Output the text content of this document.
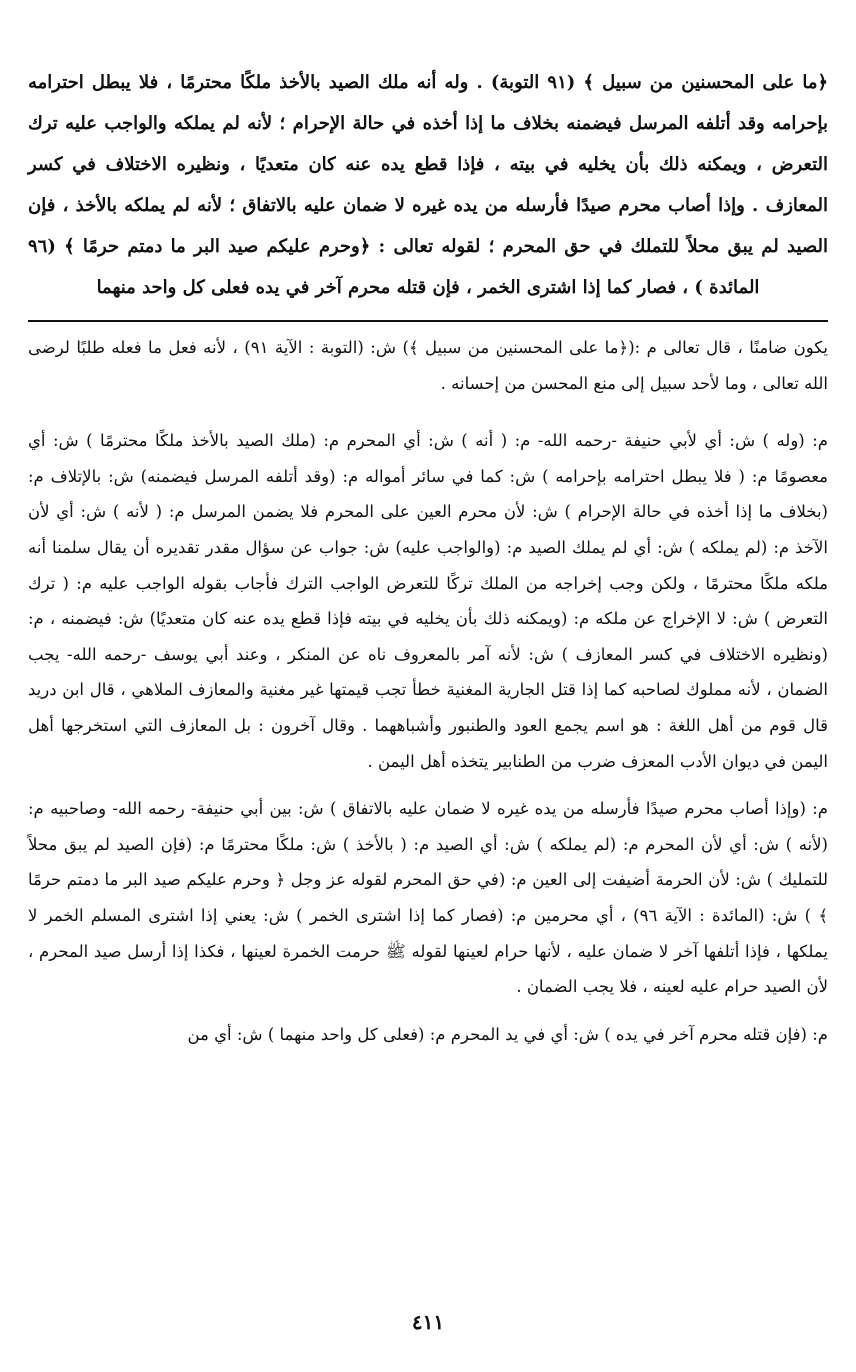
﴿ما على المحسنين من سبيل ﴾ (٩١ التوبة) . وله أنه ملك الصيد بالأخذ ملكًا محترمًا ، فلا يبطل احترامه بإحرامه وقد أتلفه المرسل فيضمنه بخلاف ما إذا أخذه في حالة الإحرام ؛ لأنه لم يملكه والواجب عليه ترك التعرض ، ويمكنه ذلك بأن يخليه في بيته ، فإذا قطع يده عنه كان متعديًا ، ونظيره الاختلاف في كسر المعازف . وإذا أصاب محرم صيدًا فأرسله من يده غيره لا ضمان عليه بالاتفاق ؛ لأنه لم يملكه بالأخذ ، فإن الصيد لم يبق محلاً للتملك في حق المحرم ؛ لقوله تعالى : ﴿وحرم عليكم صيد البر ما دمتم حرمًا ﴾ (٩٦ المائدة ) ، فصار كما إذا اشترى الخمر ، فإن قتله محرم آخر في يده فعلى كل واحد منهما

يكون ضامنًا ، قال تعالى م :(﴿ما على المحسنين من سبيل ﴾) ش: (التوبة : الآية ٩١) ، لأنه فعل ما فعله طلبًا لرضى الله تعالى ، وما لأحد سبيل إلى منع المحسن من إحسانه .

م: (وله ) ش: أي لأبي حنيفة -رحمه الله- م: ( أنه ) ش: أي المحرم م: (ملك الصيد بالأخذ ملكًا محترمًا ) ش: أي معصومًا م: ( فلا يبطل احترامه بإحرامه ) ش: كما في سائر أمواله م: (وقد أتلفه المرسل فيضمنه) ش: بالإتلاف م: (بخلاف ما إذا أخذه في حالة الإحرام ) ش: لأن محرم العين على المحرم فلا يضمن المرسل م: ( لأنه ) ش: أي لأن الآخذ م: (لم يملكه ) ش: أي لم يملك الصيد م: (والواجب عليه) ش: جواب عن سؤال مقدر تقديره أن يقال سلمنا أنه ملكه ملكًا محترمًا ، ولكن وجب إخراجه من الملك تركًا للتعرض الواجب الترك فأجاب بقوله الواجب عليه م: ( ترك التعرض ) ش: لا الإخراج عن ملكه م: (ويمكنه ذلك بأن يخليه في بيته فإذا قطع يده عنه كان متعديًا) ش: فيضمنه ، م: (ونظيره الاختلاف في كسر المعازف ) ش: لأنه آمر بالمعروف ناه عن المنكر ، وعند أبي يوسف -رحمه الله- يجب الضمان ، لأنه مملوك لصاحبه كما إذا قتل الجارية المغنية خطأ تجب قيمتها غير مغنية والمعازف الملاهي ، قال ابن دريد قال قوم من أهل اللغة : هو اسم يجمع العود والطنبور وأشباههما . وقال آخرون : بل المعازف التي استخرجها أهل اليمن في ديوان الأدب المعزف ضرب من الطنابير يتخذه أهل اليمن .

م: (وإذا أصاب محرم صيدًا فأرسله من يده غيره لا ضمان عليه بالاتفاق ) ش: بين أبي حنيفة- رحمه الله- وصاحبيه م: (لأنه ) ش: أي لأن المحرم م: (لم يملكه ) ش: أي الصيد م: ( بالأخذ ) ش: ملكًا محترمًا م: (فإن الصيد لم يبق محلاً للتمليك ) ش: لأن الحرمة أضيفت إلى العين م: (في حق المحرم لقوله عز وجل ﴿ وحرم عليكم صيد البر ما دمتم حرمًا ﴾ ) ش: (المائدة : الآية ٩٦) ، أي محرمين م: (فصار كما إذا اشترى الخمر ) ش: يعني إذا اشترى المسلم الخمر لا يملكها ، فإذا أتلفها آخر لا ضمان عليه ، لأنها حرام لعينها لقوله ﷺ حرمت الخمرة لعينها ، فكذا إذا أرسل صيد المحرم ، لأن الصيد حرام عليه لعينه ، فلا يجب الضمان .

م: (فإن قتله محرم آخر في يده ) ش: أي في يد المحرم م: (فعلى كل واحد منهما ) ش: أي من

٤١١
